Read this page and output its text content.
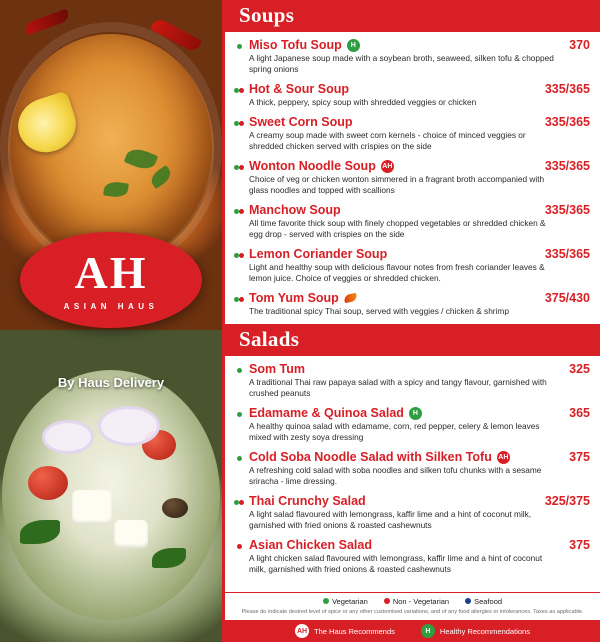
AH
ASIAN HAUS
By Haus Delivery
Soups
Miso Tofu Soup	H	370
A light Japanese soup made with a soybean broth, seaweed, silken tofu & chopped spring onions
Hot & Sour Soup	335/365
A thick, peppery, spicy soup with shredded veggies or chicken
Sweet Corn Soup	335/365
A creamy soup made with sweet corn kernels - choice of minced veggies or shredded chicken served with crispies on the side
Wonton Noodle Soup AH	335/365
Choice of veg or chicken wonton simmered in a fragrant broth accompanied with glass noodles and topped with scallions
Manchow Soup	335/365
All time favorite thick soup with finely chopped vegetables or shredded chicken & egg drop - served with crispies on the side
Lemon Coriander Soup	335/365
Light and healthy soup with delicious flavour notes from fresh coriander leaves & lemon juice. Choice of veggies or shredded chicken.
Tom Yum Soup	375/430
The traditional spicy Thai soup, served with veggies / chicken & shrimp
Salads
Som Tum	325
A traditional Thai raw papaya salad with a spicy and tangy flavour, garnished with crushed peanuts
Edamame & Quinoa Salad	H	365
A healthy quinoa salad with edamame, corn, red pepper, celery & lemon leaves mixed with zesty soya dressing
Cold Soba Noodle Salad with Silken Tofu AH	375
A refreshing cold salad with soba noodles and silken tofu chunks with a sesame sriracha - lime dressing.
Thai Crunchy Salad	325/375
A light salad flavoured with lemongrass, kaffir lime and a hint of coconut milk, garnished with fried onions & roasted cashewnuts
Asian Chicken Salad	375
A light chicken salad flavoured with lemongrass, kaffir lime and a hint of coconut milk, garnished with fried onions & roasted cashewnuts
Vegetarian	Non - Vegetarian	Seafood
Please do indicate desired level of spice or any other customised variations, and of any food allergies or intolerances. Taxes as applicable.
AH The Haus Recommends	H	Healthy Recommendations
